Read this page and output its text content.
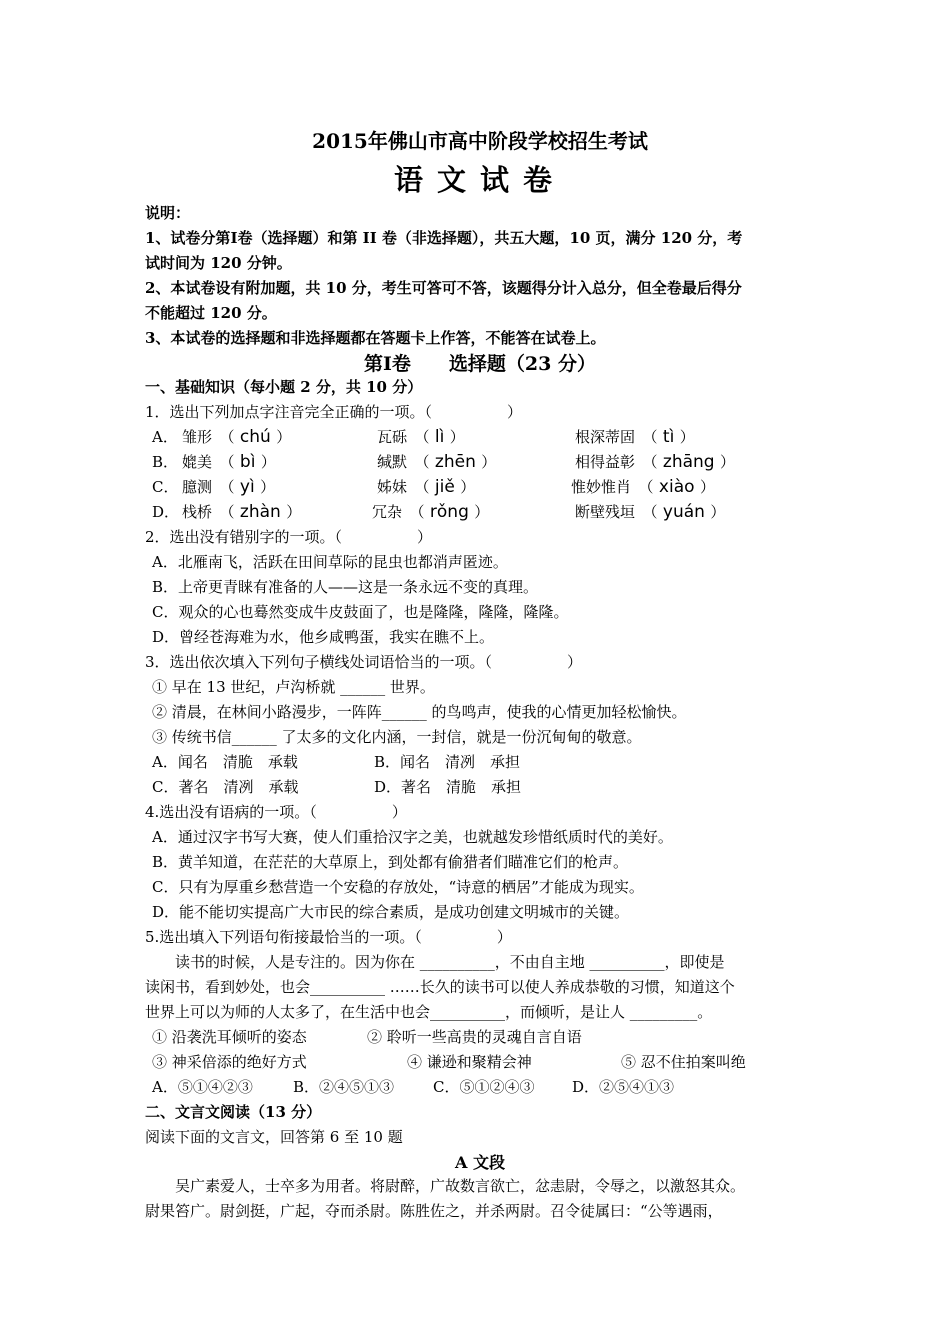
2015年佛山市高中阶段学校招生考试
语文试卷
说明：
1、试卷分第Ⅰ卷（选择题）和第 II 卷（非选择题），共五大题，10 页，满分 120 分，考
试时间为 120 分钟。
2、本试卷设有附加题，共 10 分，考生可答可不答，该题得分计入总分，但全卷最后得分
不能超过 120 分。
3、本试卷的选择题和非选择题都在答题卡上作答，不能答在试卷上。
第Ⅰ卷　　选择题（23 分）
一、基础知识（每小题 2 分，共 10 分）
1．选出下列加点字注音完全正确的一项。（　　　　　）
A． 雏形　（ chú ）	瓦砾　（ lì ）	根深蒂固　（ tì ）
B． 媲美　（ bì ）	缄默　（ zhēn ）	相得益彰　（ zhāng ）
C． 臆测　（ yì ）	姊妹　（ jiě ）	惟妙惟肖　（ xiào ）
D． 栈桥　（ zhàn ）	冗杂　（ rǒng ）	断壁残垣　（ yuán ）
2．选出没有错别字的一项。（　　　　　）
A．北雁南飞，活跃在田间草际的昆虫也都消声匿迹。
B．上帝更青睐有准备的人——这是一条永远不变的真理。
C．观众的心也蓦然变成牛皮鼓面了，也是隆隆，隆隆，隆隆。
D．曾经苍海难为水，他乡咸鸭蛋，我实在瞧不上。
3．选出依次填入下列句子横线处词语恰当的一项。（　　　　　）
① 早在 13 世纪，卢沟桥就 ______ 世界。
② 清晨，在林间小路漫步，一阵阵______ 的鸟鸣声，使我的心情更加轻松愉快。
③ 传统书信______ 了太多的文化内涵，一封信，就是一份沉甸甸的敬意。
A．闻名　清脆　承载	B．闻名　清冽　承担
C．著名　清冽　承载	D．著名　清脆　承担
4.选出没有语病的一项。（　　　　　）
A．通过汉字书写大赛，使人们重拾汉字之美，也就越发珍惜纸质时代的美好。
B．黄羊知道，在茫茫的大草原上，到处都有偷猎者们瞄准它们的枪声。
C．只有为厚重乡愁营造一个安稳的存放处，“诗意的栖居”才能成为现实。
D．能不能切实提高广大市民的综合素质，是成功创建文明城市的关键。
5.选出填入下列语句衔接最恰当的一项。（　　　　　）
　　读书的时候，人是专注的。因为你在 __________，不由自主地 __________，即使是
读闲书，看到妙处，也会__________ ……长久的读书可以使人养成恭敬的习惯，知道这个
世界上可以为师的人太多了，在生活中也会__________，而倾听，是让人 _________。
① 沿袭洗耳倾听的姿态	② 聆听一些高贵的灵魂自言自语
③ 神采倍添的绝好方式	④ 谦逊和聚精会神	⑤ 忍不住拍案叫绝
A．⑤①④②③	B．②④⑤①③	C．⑤①②④③	D．②⑤④①③
二、文言文阅读（13 分）
阅读下面的文言文，回答第 6 至 10 题
A 文段
　　吴广素爱人，士卒多为用者。将尉醉，广故数言欲亡，忿恚尉，令辱之，以激怒其众。
尉果笞广。尉剑挺，广起，夺而杀尉。陈胜佐之，并杀两尉。召令徒属曰：“公等遇雨，
